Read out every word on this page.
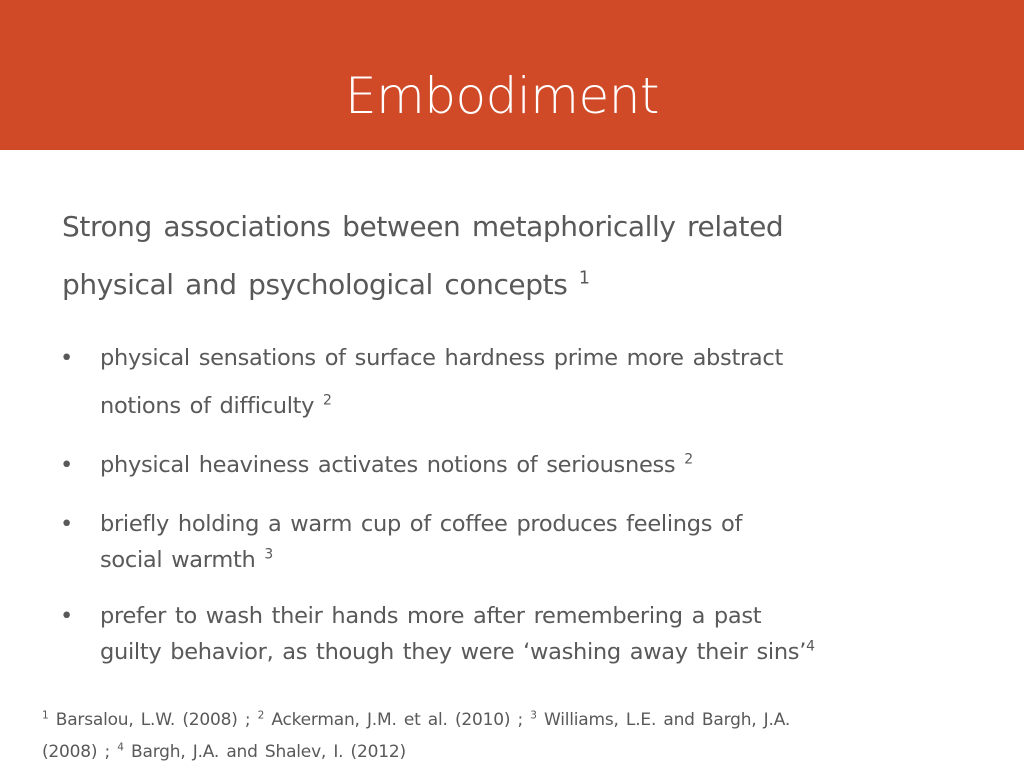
Embodiment
Strong associations between metaphorically related
physical and psychological concepts $^1$
• physical sensations of surface hardness prime more abstract
notions of difficulty $^2$
• physical heaviness activates notions of seriousness $^2$
• briefly holding a warm cup of coffee produces feelings of
social warmth $^3$
• prefer to wash their hands more after remembering a past
guilty behavior, as though they were ‘washing away their sins’$^4$
$^1$ Barsalou, L.W. (2008) ; $^2$ Ackerman, J.M. et al. (2010) ; $^3$ Williams, L.E. and Bargh, J.A.
(2008) ; $^4$ Bargh, J.A. and Shalev, I. (2012)
